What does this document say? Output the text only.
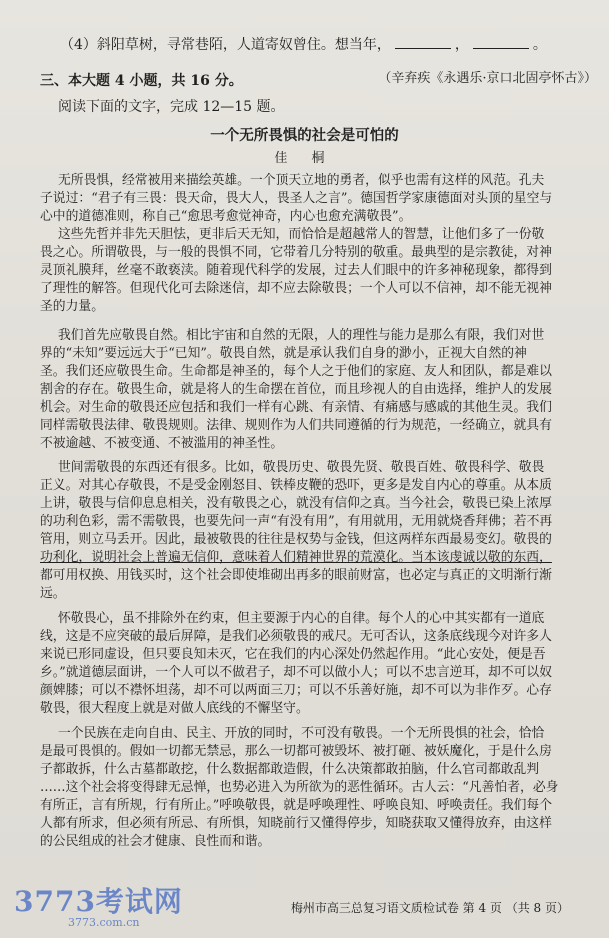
（4）斜阳草树，寻常巷陌，人道寄奴曾住。想当年，	，	。
三、本大题 4 小题，共 16 分。	（辛弃疾《永遇乐·京口北固亭怀古》）
阅读下面的文字，完成 12—15 题。
一个无所畏惧的社会是可怕的
佳 桐
无所畏惧，经常被用来描绘英雄。一个顶天立地的勇者，似乎也需有这样的风范。孔夫
子说过：“君子有三畏：畏天命，畏大人，畏圣人之言”。德国哲学家康德面对头顶的星空与
心中的道德准则，称自己“愈思考愈觉神奇，内心也愈充满敬畏”。
这些先哲并非先天胆怯，更非后天无知，而恰恰是超越常人的智慧，让他们多了一份敬
畏之心。所谓敬畏，与一般的畏惧不同，它带着几分特别的敬重。最典型的是宗教徒，对神
灵顶礼膜拜，丝毫不敢亵渎。随着现代科学的发展，过去人们眼中的许多神秘现象，都得到
了理性的解答。但现代化可去除迷信，却不应去除敬畏；一个人可以不信神，却不能无视神
圣的力量。
我们首先应敬畏自然。相比宇宙和自然的无限，人的理性与能力是那么有限，我们对世
界的“未知”要远远大于“已知”。敬畏自然，就是承认我们自身的渺小，正视大自然的神
圣。我们还应敬畏生命。生命都是神圣的，每个人之于他们的家庭、友人和团队，都是难以
割舍的存在。敬畏生命，就是将人的生命摆在首位，而且珍视人的自由选择，维护人的发展
机会。对生命的敬畏还应包括和我们一样有心跳、有亲情、有痛感与感戚的其他生灵。我们
同样需敬畏法律、敬畏规则。法律、规则作为人们共同遵循的行为规范，一经确立，就具有
不被逾越、不被变通、不被滥用的神圣性。
世间需敬畏的东西还有很多。比如，敬畏历史、敬畏先贤、敬畏百姓、敬畏科学、敬畏
正义。对其心存敬畏，不是受金刚怒目、铁棒皮鞭的恐吓，更多是发自内心的尊重。从本质
上讲，敬畏与信仰息息相关，没有敬畏之心，就没有信仰之真。当今社会，敬畏已染上浓厚
的功利色彩，需不需敬畏，也要先问一声“有没有用”，有用就用，无用就烧香拜佛；若不再
管用，则立马丢开。因此，最被敬畏的往往是权势与金钱，但这两样东西最易变幻。敬畏的
功利化，说明社会上普遍无信仰，意味着人们精神世界的荒漠化。当本该虔诚以敬的东西，
都可用权换、用钱买时，这个社会即使堆砌出再多的眼前财富，也必定与真正的文明渐行渐
远。
怀敬畏心，虽不排除外在约束，但主要源于内心的自律。每个人的心中其实都有一道底
线，这是不应突破的最后屏障，是我们必须敬畏的戒尺。无可否认，这条底线现今对许多人
来说已形同虚设，但只要良知未灭，它在我们的内心深处仍然起作用。“此心安处，便是吾
乡。”就道德层面讲，一个人可以不做君子，却不可以做小人；可以不忠言逆耳，却不可以奴
颜婢膝；可以不襟怀坦荡，却不可以两面三刀；可以不乐善好施，却不可以为非作歹。心存
敬畏，很大程度上就是对做人底线的不懈坚守。
一个民族在走向自由、民主、开放的同时，不可没有敬畏。一个无所畏惧的社会，恰恰
是最可畏惧的。假如一切都无禁忌，那么一切都可被毁坏、被打砸、被妖魔化，于是什么房
子都敢拆，什么古墓都敢挖，什么数据都敢造假，什么决策都敢拍脑，什么官司都敢乱判
……这个社会将变得肆无忌惮，也势必进入为所欲为的恶性循环。古人云：“凡善怕者，必身
有所正，言有所规，行有所止。”呼唤敬畏，就是呼唤理性、呼唤良知、呼唤责任。我们每个
人都有所求，但必须有所忌、有所惧，知晓前行又懂得停步，知晓获取又懂得放弃，由这样
的公民组成的社会才健康、良性而和谐。
3773考试网
3773.com.cn
梅州市高三总复习语文质检试卷 第 4 页 （共 8 页）
